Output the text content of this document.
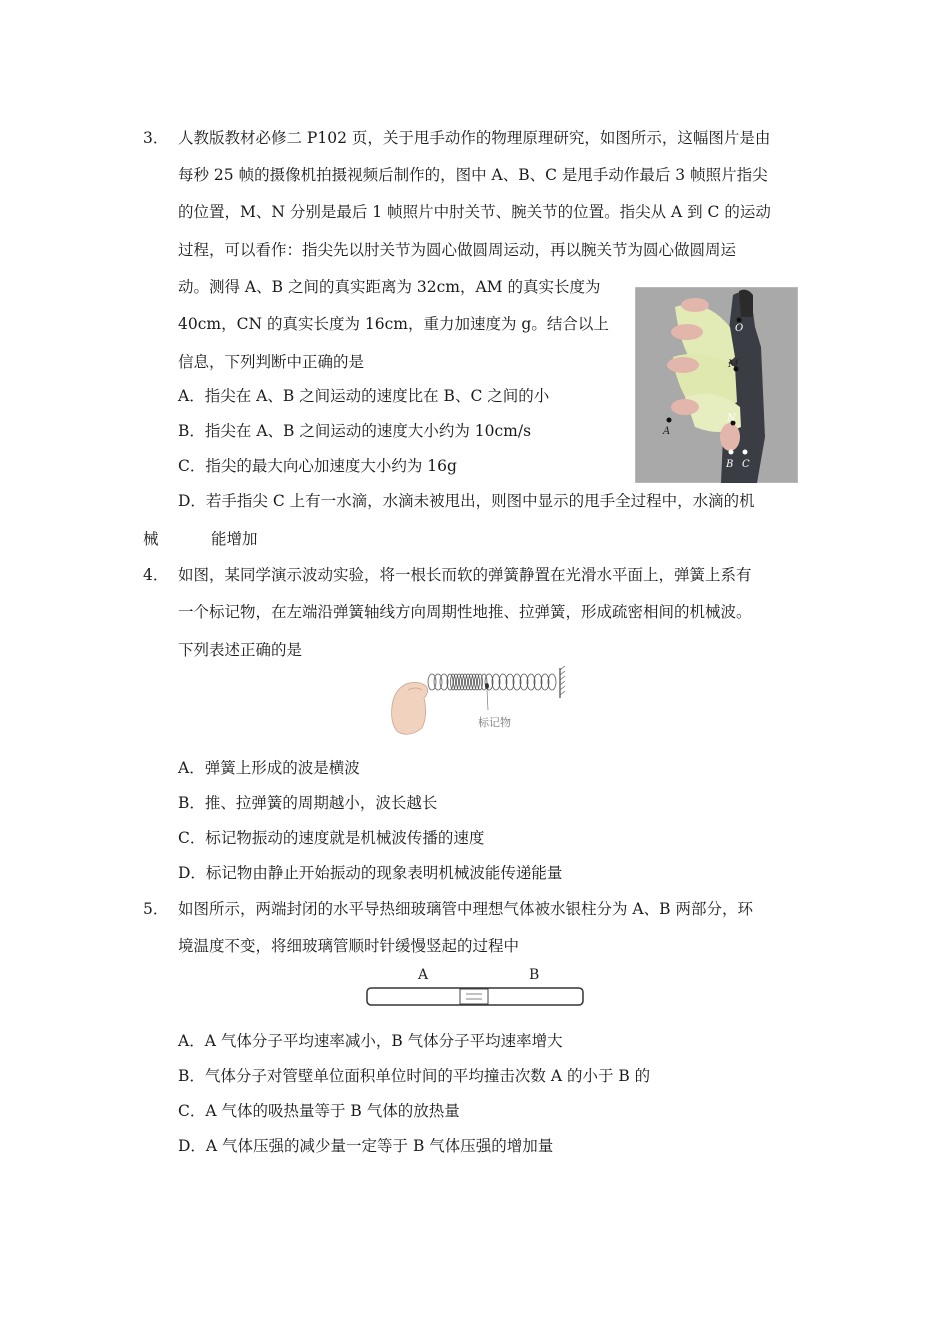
3． 人教版教材必修二 P102 页，关于甩手动作的物理原理研究，如图所示，这幅图片是由
每秒 25 帧的摄像机拍摄视频后制作的，图中 A、B、C 是甩手动作最后 3 帧照片指尖
的位置，M、N 分别是最后 1 帧照片中肘关节、腕关节的位置。指尖从 A 到 C 的运动
过程，可以看作：指尖先以肘关节为圆心做圆周运动，再以腕关节为圆心做圆周运
动。测得 A、B 之间的真实距离为 32cm，AM 的真实长度为
40cm，CN 的真实长度为 16cm，重力加速度为 g。结合以上
信息，下列判断中正确的是
A．指尖在 A、B 之间运动的速度比在 B、C 之间的小
B．指尖在 A、B 之间运动的速度大小约为 10cm/s
C．指尖的最大向心加速度大小约为 16g
D．若手指尖 C 上有一水滴，水滴未被甩出，则图中显示的甩手全过程中，水滴的机
械	能增加
O
M
N
A
B C
4． 如图，某同学演示波动实验，将一根长而软的弹簧静置在光滑水平面上，弹簧上系有
一个标记物，在左端沿弹簧轴线方向周期性地推、拉弹簧，形成疏密相间的机械波。
下列表述正确的是
标记物
A．弹簧上形成的波是横波
B．推、拉弹簧的周期越小，波长越长
C．标记物振动的速度就是机械波传播的速度
D．标记物由静止开始振动的现象表明机械波能传递能量
5． 如图所示，两端封闭的水平导热细玻璃管中理想气体被水银柱分为 A、B 两部分，环
境温度不变，将细玻璃管顺时针缓慢竖起的过程中
A	B
A．A 气体分子平均速率减小，B 气体分子平均速率增大
B．气体分子对管壁单位面积单位时间的平均撞击次数 A 的小于 B 的
C．A 气体的吸热量等于 B 气体的放热量
D．A 气体压强的减少量一定等于 B 气体压强的增加量
